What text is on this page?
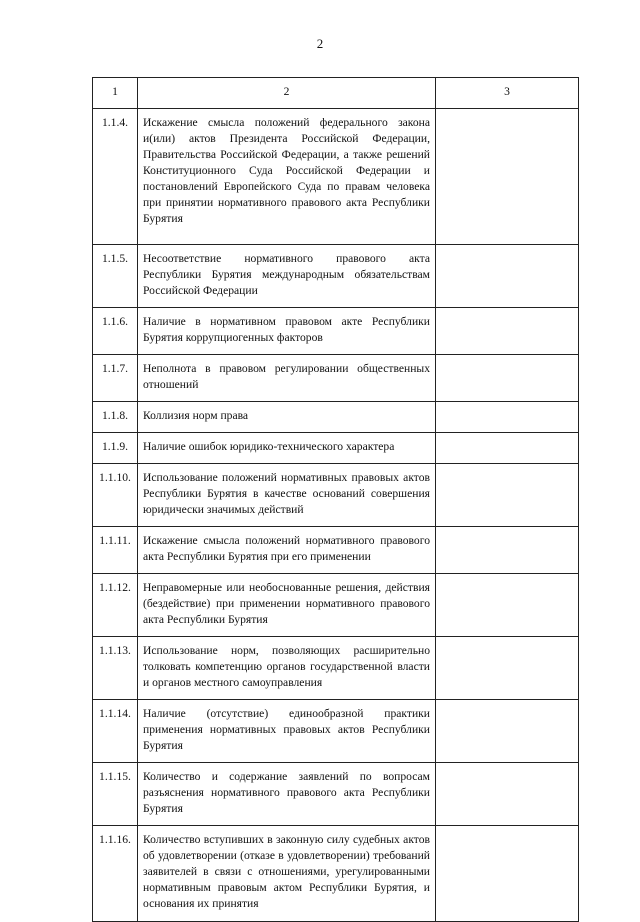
2
1	2	3
1.1.4.	Искажение смысла положений федерального закона и(или) актов Президента Российской Федерации, Правительства Российской Федерации, а также решений Конституционного Суда Российской Федерации и постановлений Европейского Суда по правам человека при принятии нормативного правового акта Республики Бурятия	
1.1.5.	Несоответствие нормативного правового акта Республики Бурятия международным обязательствам Российской Федерации	
1.1.6.	Наличие в нормативном правовом акте Республики Бурятия коррупциогенных факторов	
1.1.7.	Неполнота в правовом регулировании общественных отношений	
1.1.8.	Коллизия норм права	
1.1.9.	Наличие ошибок юридико-технического характера	
1.1.10.	Использование положений нормативных правовых актов Республики Бурятия в качестве оснований совершения юридически значимых действий	
1.1.11.	Искажение смысла положений нормативного правового акта Республики Бурятия при его применении	
1.1.12.	Неправомерные или необоснованные решения, действия (бездействие) при применении нормативного правового акта Республики Бурятия	
1.1.13.	Использование норм, позволяющих расширительно толковать компетенцию органов государственной власти и органов местного самоуправления	
1.1.14.	Наличие (отсутствие) единообразной практики применения нормативных правовых актов Республики Бурятия	
1.1.15.	Количество и содержание заявлений по вопросам разъяснения нормативного правового акта Республики Бурятия	
1.1.16.	Количество вступивших в законную силу судебных актов об удовлетворении (отказе в удовлетворении) требований заявителей в связи с отношениями, урегулированными нормативным правовым актом Республики Бурятия, и основания их принятия	
